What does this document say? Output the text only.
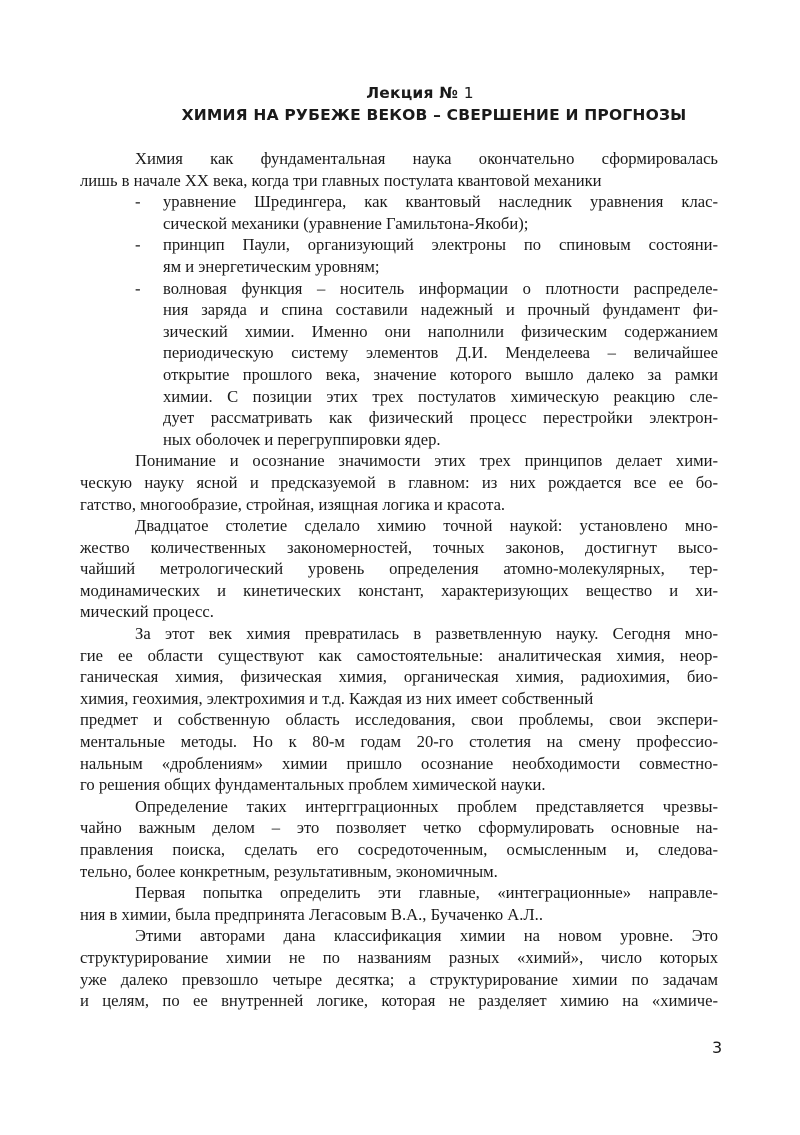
Лекция № 1
ХИМИЯ НА РУБЕЖЕ ВЕКОВ – СВЕРШЕНИЕ И ПРОГНОЗЫ
Химия как фундаментальная наука окончательно сформировалась
лишь в начале XX века, когда три главных постулата квантовой механики
- уравнение Шредингера, как квантовый наследник уравнения клас-
сической механики (уравнение Гамильтона-Якоби);
- принцип Паули, организующий электроны по спиновым состояни-
ям и энергетическим уровням;
- волновая функция – носитель информации о плотности распределе-
ния заряда и спина составили надежный и прочный фундамент фи-
зический химии. Именно они наполнили физическим содержанием
периодическую систему элементов Д.И. Менделеева – величайшее
открытие прошлого века, значение которого вышло далеко за рамки
химии. С позиции этих трех постулатов химическую реакцию сле-
дует рассматривать как физический процесс перестройки электрон-
ных оболочек и перегруппировки ядер.
Понимание и осознание значимости этих трех принципов делает хими-
ческую науку ясной и предсказуемой в главном: из них рождается все ее бо-
гатство, многообразие, стройная, изящная логика и красота.
Двадцатое столетие сделало химию точной наукой: установлено мно-
жество количественных закономерностей, точных законов, достигнут высо-
чайший метрологический уровень определения атомно-молекулярных, тер-
модинамических и кинетических констант, характеризующих вещество и хи-
мический процесс.
За этот век химия превратилась в разветвленную науку. Сегодня мно-
гие ее области существуют как самостоятельные: аналитическая химия, неор-
ганическая химия, физическая химия, органическая химия, радиохимия, био-
химия, геохимия, электрохимия и т.д. Каждая из них имеет собственный
предмет и собственную область исследования, свои проблемы, свои экспери-
ментальные методы. Но к 80-м годам 20-го столетия на смену профессио-
нальным «дроблениям» химии пришло осознание необходимости совместно-
го решения общих фундаментальных проблем химической науки.
Определение таких интергграционных проблем представляется чрезвы-
чайно важным делом – это позволяет четко сформулировать основные на-
правления поиска, сделать его сосредоточенным, осмысленным и, следова-
тельно, более конкретным, результативным, экономичным.
Первая попытка определить эти главные, «интеграционные» направле-
ния в химии, была предпринята Легасовым В.А., Бучаченко А.Л..
Этими авторами дана классификация химии на новом уровне. Это
структурирование химии не по названиям разных «химий», число которых
уже далеко превзошло четыре десятка; а структурирование химии по задачам
и целям, по ее внутренней логике, которая не разделяет химию на «химиче-
3
